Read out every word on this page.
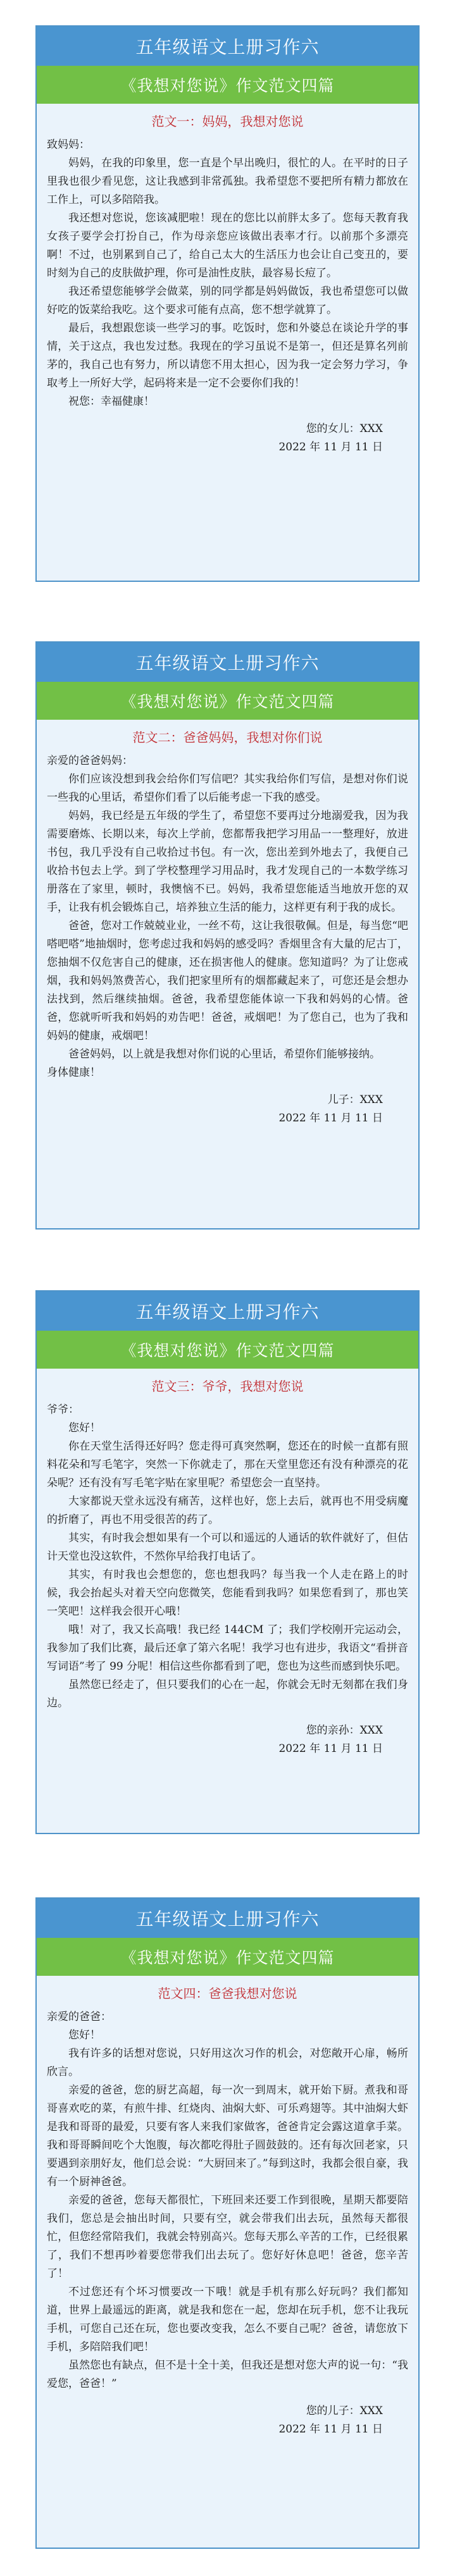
五年级语文上册习作六
《我想对您说》作文范文四篇
范文一：妈妈，我想对您说

致妈妈：

妈妈，在我的印象里，您一直是个早出晚归，很忙的人。在平时的日子里我也很少看见您，这让我感到非常孤独。我希望您不要把所有精力都放在工作上，可以多陪陪我。

我还想对您说，您该减肥啦！现在的您比以前胖太多了。您每天教育我女孩子要学会打扮自己，作为母亲您应该做出表率才行。以前那个多漂亮啊！不过，也别累到自己了，给自己太大的生活压力也会让自己变丑的，要时刻为自己的皮肤做护理，你可是油性皮肤，最容易长痘了。

我还希望您能够学会做菜，别的同学都是妈妈做饭，我也希望您可以做好吃的饭菜给我吃。这个要求可能有点高，您不想学就算了。

最后，我想跟您谈一些学习的事。吃饭时，您和外婆总在谈论升学的事情，关于这点，我也发过愁。我现在的学习虽说不是第一，但还是算名列前茅的，我自己也有努力，所以请您不用太担心，因为我一定会努力学习，争取考上一所好大学，起码将来是一定不会要你们我的！

祝您：幸福健康！

您的女儿：XXX

2022 年 11 月 11 日

五年级语文上册习作六
《我想对您说》作文范文四篇
范文二：爸爸妈妈，我想对你们说

亲爱的爸爸妈妈：

你们应该没想到我会给你们写信吧？其实我给你们写信，是想对你们说一些我的心里话，希望你们看了以后能考虑一下我的感受。

妈妈，我已经是五年级的学生了，希望您不要再过分地溺爱我，因为我需要磨炼、长期以来，每次上学前，您都帮我把学习用品一一整理好，放进书包，我几乎没有自己收拾过书包。有一次，您出差到外地去了，我便自己收拾书包去上学。到了学校整理学习用品时，我才发现自己的一本数学练习册落在了家里，顿时，我懊恼不已。妈妈，我希望您能适当地放开您的双手，让我有机会锻炼自己，培养独立生活的能力，这样更有利于我的成长。

爸爸，您对工作兢兢业业，一丝不苟，这让我很敬佩。但是，每当您“吧嗒吧嗒”地抽烟时，您考虑过我和妈妈的感受吗？香烟里含有大量的尼古丁，您抽烟不仅危害自己的健康，还在损害他人的健康。您知道吗？为了让您戒烟，我和妈妈煞费苦心，我们把家里所有的烟都藏起来了，可您还是会想办法找到，然后继续抽烟。爸爸，我希望您能体谅一下我和妈妈的心情。爸爸，您就听听我和妈妈的劝告吧！爸爸，戒烟吧！为了您自己，也为了我和妈妈的健康，戒烟吧！

爸爸妈妈，以上就是我想对你们说的心里话，希望你们能够接纳。

身体健康！

儿子：XXX

2022 年 11 月 11 日

五年级语文上册习作六
《我想对您说》作文范文四篇
范文三：爷爷，我想对您说

爷爷：

您好！

你在天堂生活得还好吗？您走得可真突然啊，您还在的时候一直都有照料花朵和写毛笔字，突然一下你就走了，那在天堂里您还有没有种漂亮的花朵呢？还有没有写毛笔字贴在家里呢？希望您会一直坚持。

大家都说天堂永远没有痛苦，这样也好，您上去后，就再也不用受病魔的折磨了，再也不用受很苦的药了。

其实，有时我会想如果有一个可以和遥远的人通话的软件就好了，但估计天堂也没这软件，不然你早给我打电话了。

其实，有时我也会想您的，您也想我吗？每当我一个人走在路上的时候，我会抬起头对着天空向您微笑，您能看到我吗？如果您看到了，那也笑一笑吧！这样我会很开心哦！

哦！对了，我又长高哦！我已经 144CM 了；我们学校刚开完运动会，我参加了我们比赛，最后还拿了第六名呢！我学习也有进步，我语文“看拼音写词语”考了 99 分呢！相信这些你都看到了吧，您也为这些而感到快乐吧。

虽然您已经走了，但只要我们的心在一起，你就会无时无刻都在我们身边。

您的亲孙：XXX

2022 年 11 月 11 日

五年级语文上册习作六
《我想对您说》作文范文四篇
范文四：爸爸我想对您说

亲爱的爸爸：

您好！

我有许多的话想对您说，只好用这次习作的机会，对您敞开心扉，畅所欣言。

亲爱的爸爸，您的厨艺高超，每一次一到周末，就开始下厨。煮我和哥哥喜欢吃的菜，有煎牛排、红烧肉、油焖大虾、可乐鸡翅等。其中油焖大虾是我和哥哥的最爱，只要有客人来我们家做客，爸爸肯定会露这道拿手菜。我和哥哥瞬间吃个大饱腹，每次都吃得肚子圆鼓鼓的。还有每次回老家，只要遇到亲朋好友，他们总会说：“大厨回来了。”每到这时，我都会很自豪，我有一个厨神爸爸。

亲爱的爸爸，您每天都很忙，下班回来还要工作到很晚，星期天都要陪我们，您总是会抽出时间，只要有空，就会带我们出去玩，虽然每天都很忙，但您经常陪我们，我就会特别高兴。您每天那么辛苦的工作，已经很累了，我们不想再吵着要您带我们出去玩了。您好好休息吧！爸爸，您辛苦了！

不过您还有个坏习惯要改一下哦！就是手机有那么好玩吗？我们都知道，世界上最遥远的距离，就是我和您在一起，您却在玩手机，您不让我玩手机，可您自己还在玩，您也要改变我，怎么不要自己呢？爸爸，请您放下手机，多陪陪我们吧！

虽然您也有缺点，但不是十全十美，但我还是想对您大声的说一句：“我爱您，爸爸！”

您的儿子：XXX

2022 年 11 月 11 日
